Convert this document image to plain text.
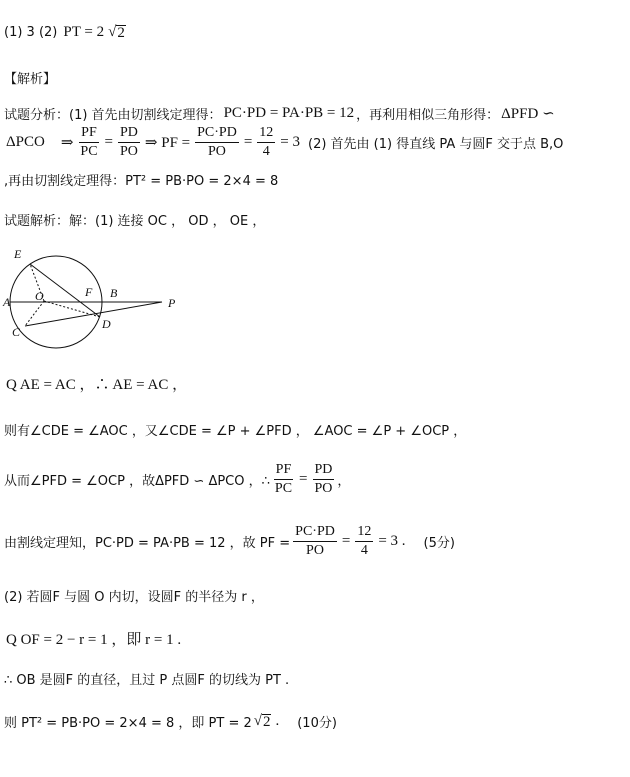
(1) 3 (2) PT = 2 √ 2
【解析】
试题分析：(1) 首先由切割线定理得： PC·PD = PA·PB = 12 ，再利用相似三角形得： ΔPFD ∽
ΔPCO ⇒ $\frac{PF}{PC} = \frac{PD}{PO}$ ⇒ PF = $\frac{PC\cdot PD}{PO} = \frac{12}{4} = 3$ (2) 首先由 (1) 得直线 PA 与圆F 交于点 B,O
,再由切割线定理得：PT² = PB·PO = 2×4 = 8
试题解析：解：(1) 连接 OC ， OD ， OE ，
E
A O	F B
P
C
D
Q AE = AC ，∴ AE = AC ，
则有∠CDE = ∠AOC ，又∠CDE = ∠P + ∠PFD ， ∠AOC = ∠P + ∠OCP ，
从而∠PFD = ∠OCP ，故ΔPFD ∽ ΔPCO ，∴ $\frac{PF}{PC} = \frac{PD}{PO}$ ，
由割线定理知，PC·PD = PA·PB = 12 ，故 PF = $\frac{PC\cdot PD}{PO} = \frac{12}{4} = 3$ . (5分)
(2) 若圆F 与圆 O 内切，设圆F 的半径为 r ，
Q OF = 2 − r = 1 ，即 r = 1 .
∴ OB 是圆F 的直径，且过 P 点圆F 的切线为 PT .
则 PT² = PB·PO = 2×4 = 8 ，即 PT = 2 √ 2 . (10分)
